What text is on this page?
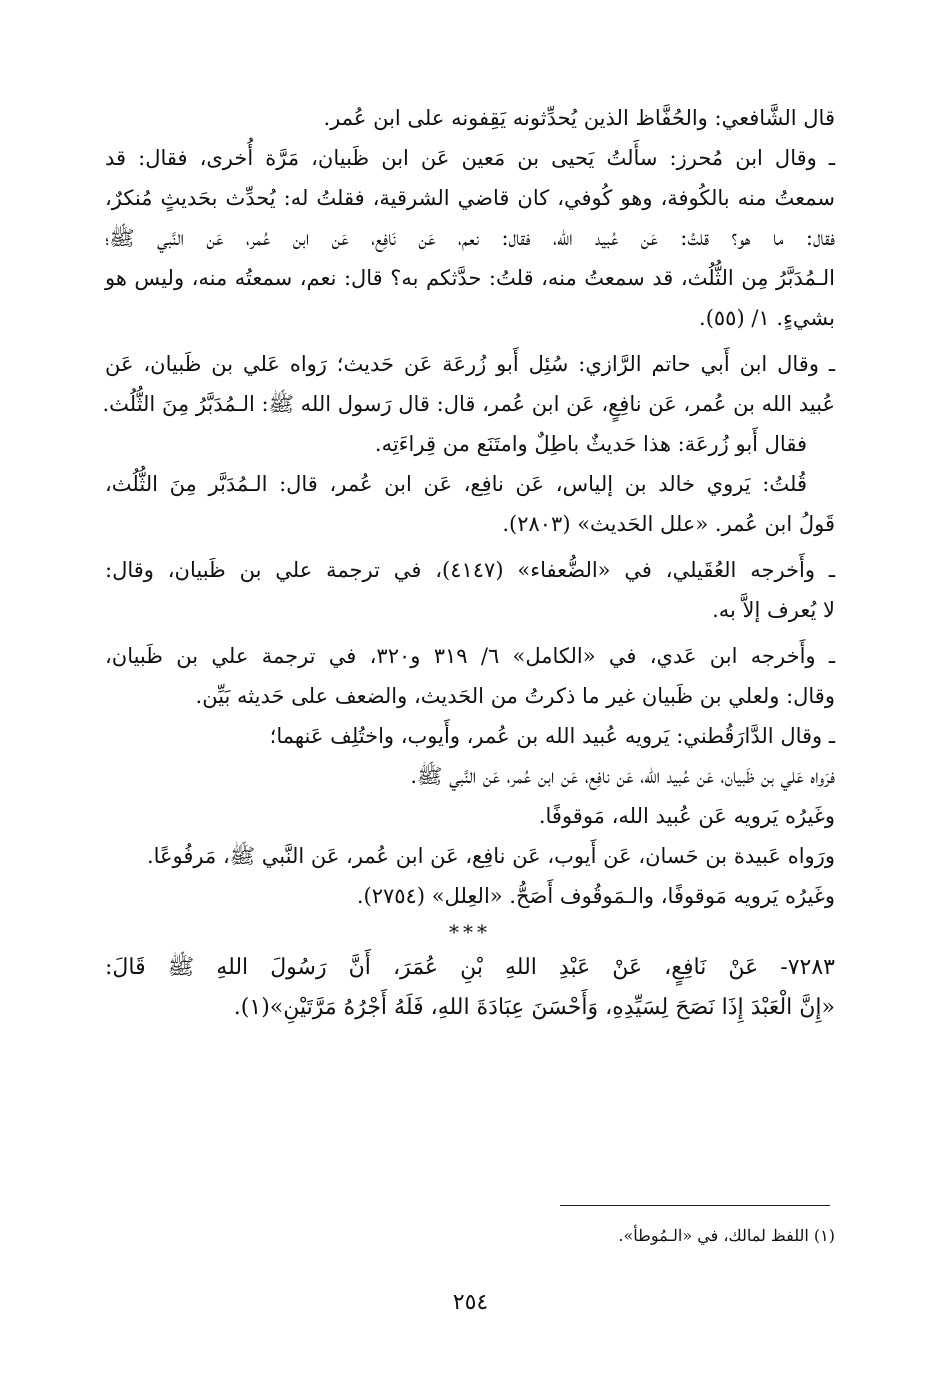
قال الشَّافعي: والحُفَّاظ الذين يُحدِّثونه يَقِفونه على ابن عُمر.
ـ وقال ابن مُحرز: سأَلتُ يَحيى بن مَعين عَن ابن ظَبيان، مَرَّة أُخرى، فقال: قد
سمعتُ منه بالكُوفة، وهو كُوفي، كان قاضي الشرقية، فقلتُ له: يُحدِّث بحَديثٍ مُنكرٌ،
فقال: ما هو؟ قلتُ: عَن عُبيد الله، فقال: نعم، عَن نَافِع، عَن ابن عُمر، عَن النَّبي ﷺ؛
الـمُدَبَّرُ مِن الثُّلُث، قد سمعتُ منه، قلتُ: حدَّثكم به؟ قال: نعم، سمعتُه منه، وليس هو
بشيءٍ. ١/ (٥٥).
ـ وقال ابن أَبي حاتم الرَّازي: سُئِل أَبو زُرعَة عَن حَديث؛ رَواه عَلي بن ظَبيان، عَن
عُبيد الله بن عُمر، عَن نافِعٍ، عَن ابن عُمر، قال: قال رَسول الله ﷺ: الـمُدَبَّرُ مِنَ الثُّلُث.
فقال أَبو زُرعَة: هذا حَديثٌ باطِلٌ وامتَنَع من قِراءَتِه.
قُلتُ: يَروي خالد بن إلياس، عَن نافِع، عَن ابن عُمر، قال: الـمُدَبَّر مِنَ الثُّلُث،
قَولُ ابن عُمر. «علل الحَديث» (٢٨٠٣).
ـ وأَخرجه العُقَيلي، في «الضُّعفاء» (٤١٤٧)، في ترجمة علي بن ظَبيان، وقال:
لا يُعرف إلاَّ به.
ـ وأَخرجه ابن عَدي، في «الكامل» ٦/ ٣١٩ و٣٢٠، في ترجمة علي بن ظَبيان،
وقال: ولعلي بن ظَبيان غير ما ذكرتُ من الحَديث، والضعف على حَديثه بَيِّن.
ـ وقال الدَّارَقُطني: يَرويه عُبيد الله بن عُمر، وأَيوب، واختُلِف عَنهما؛
فرَواه عَلي بن ظَبيان، عَن عُبيد الله، عَن نافِع، عَن ابن عُمر، عَن النَّبي ﷺ.
وغَيرُه يَرويه عَن عُبيد الله، مَوقوفًا.
ورَواه عَبيدة بن حَسان، عَن أَيوب، عَن نافِع، عَن ابن عُمر، عَن النَّبي ﷺ، مَرفُوعًا.
وغَيرُه يَرويه مَوقوفًا، والـمَوقُوف أَصَحُّ. «العِلل» (٢٧٥٤).
***
٧٢٨٣- عَنْ نَافِعٍ، عَنْ عَبْدِ اللهِ بْنِ عُمَرَ، أَنَّ رَسُولَ اللهِ ﷺ قَالَ:
«إِنَّ الْعَبْدَ إِذَا نَصَحَ لِسَيِّدِهِ، وَأَحْسَنَ عِبَادَةَ اللهِ، فَلَهُ أَجْرُهُ مَرَّتَيْنِ»(١).
(١) اللفظ لمالك، في «الـمُوطأ».
٢٥٤
